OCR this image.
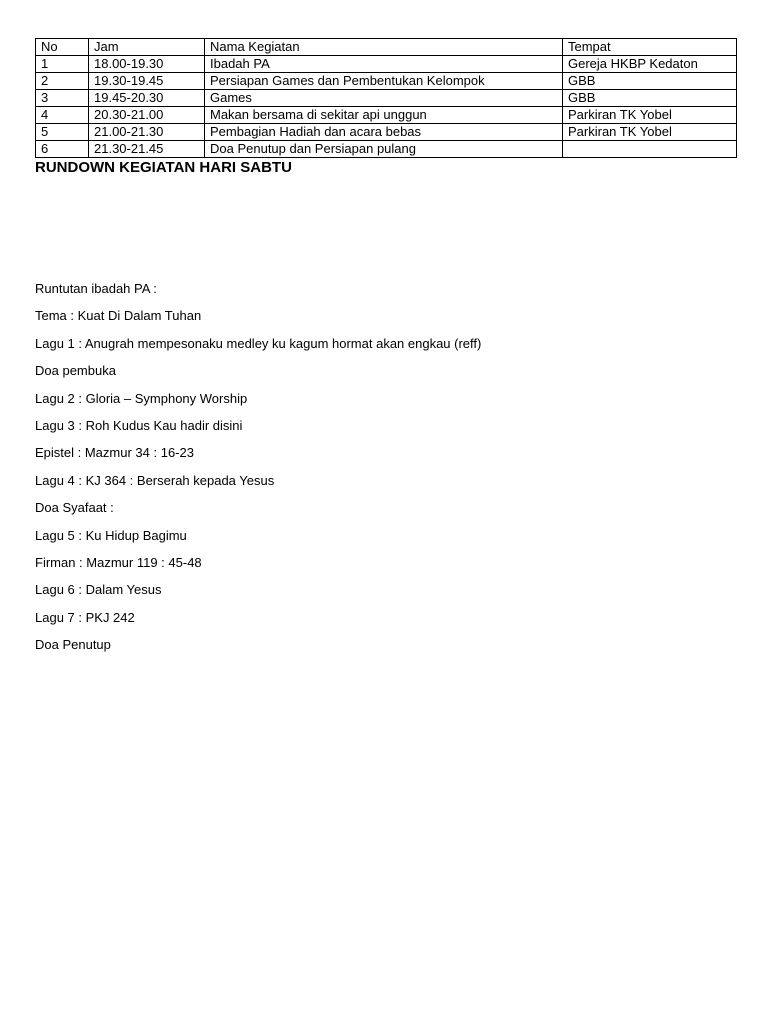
No	Jam	Nama Kegiatan	Tempat
1	18.00-19.30	Ibadah PA	Gereja HKBP Kedaton
2	19.30-19.45	Persiapan Games dan Pembentukan Kelompok	GBB
3	19.45-20.30	Games	GBB
4	20.30-21.00	Makan bersama di sekitar api unggun	Parkiran TK Yobel
5	21.00-21.30	Pembagian Hadiah dan acara bebas	Parkiran TK Yobel
6	21.30-21.45	Doa Penutup dan Persiapan pulang	
RUNDOWN KEGIATAN HARI SABTU
Runtutan ibadah PA :
Tema : Kuat Di Dalam Tuhan
Lagu 1 : Anugrah mempesonaku medley ku kagum hormat akan engkau (reff)
Doa pembuka
Lagu 2 : Gloria – Symphony Worship
Lagu 3 : Roh Kudus Kau hadir disini
Epistel : Mazmur 34 : 16-23
Lagu 4 : KJ 364 : Berserah kepada Yesus
Doa Syafaat :
Lagu 5 : Ku Hidup Bagimu
Firman : Mazmur 119 : 45-48
Lagu 6 : Dalam Yesus
Lagu 7 : PKJ 242
Doa Penutup
